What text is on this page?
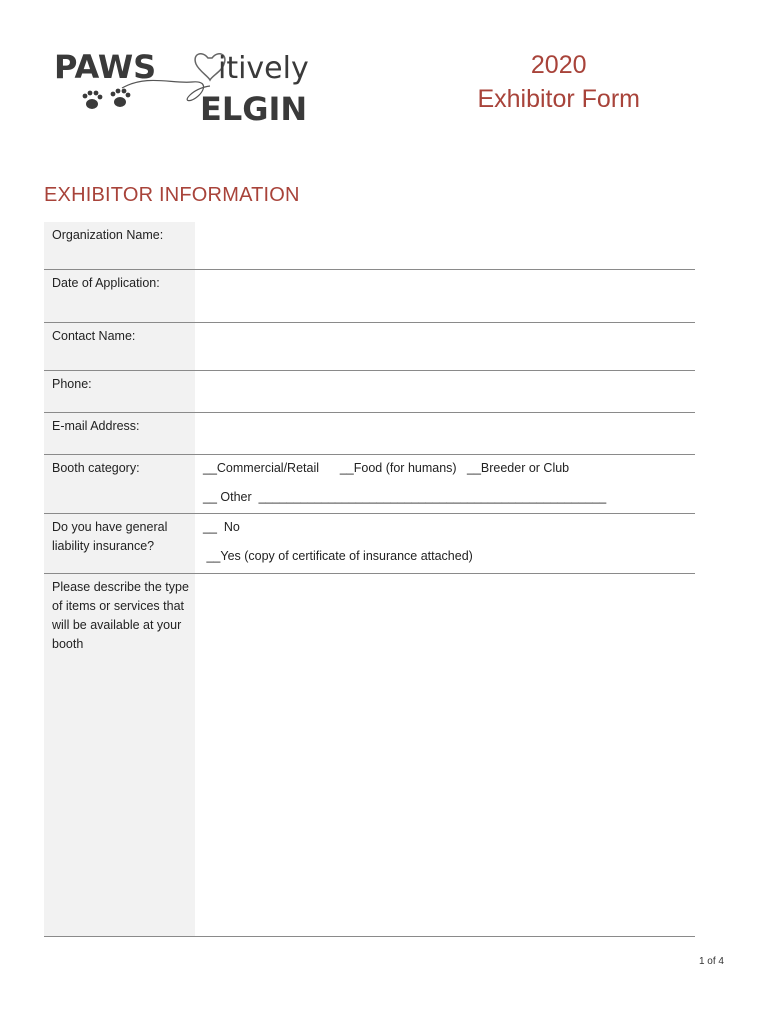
PAWS itively
ELGIN
2020
Exhibitor Form
EXHIBITOR INFORMATION
Organization Name:
Date of Application:
Contact Name:
Phone:
E-mail Address:
Booth category:	__Commercial/Retail      __Food (for humans)   __Breeder or Club
__ Other  __________________________________________________
Do you have general liability insurance?
__  No
__Yes (copy of certificate of insurance attached)
Please describe the type of items or services that will be available at your booth
1 of 4
